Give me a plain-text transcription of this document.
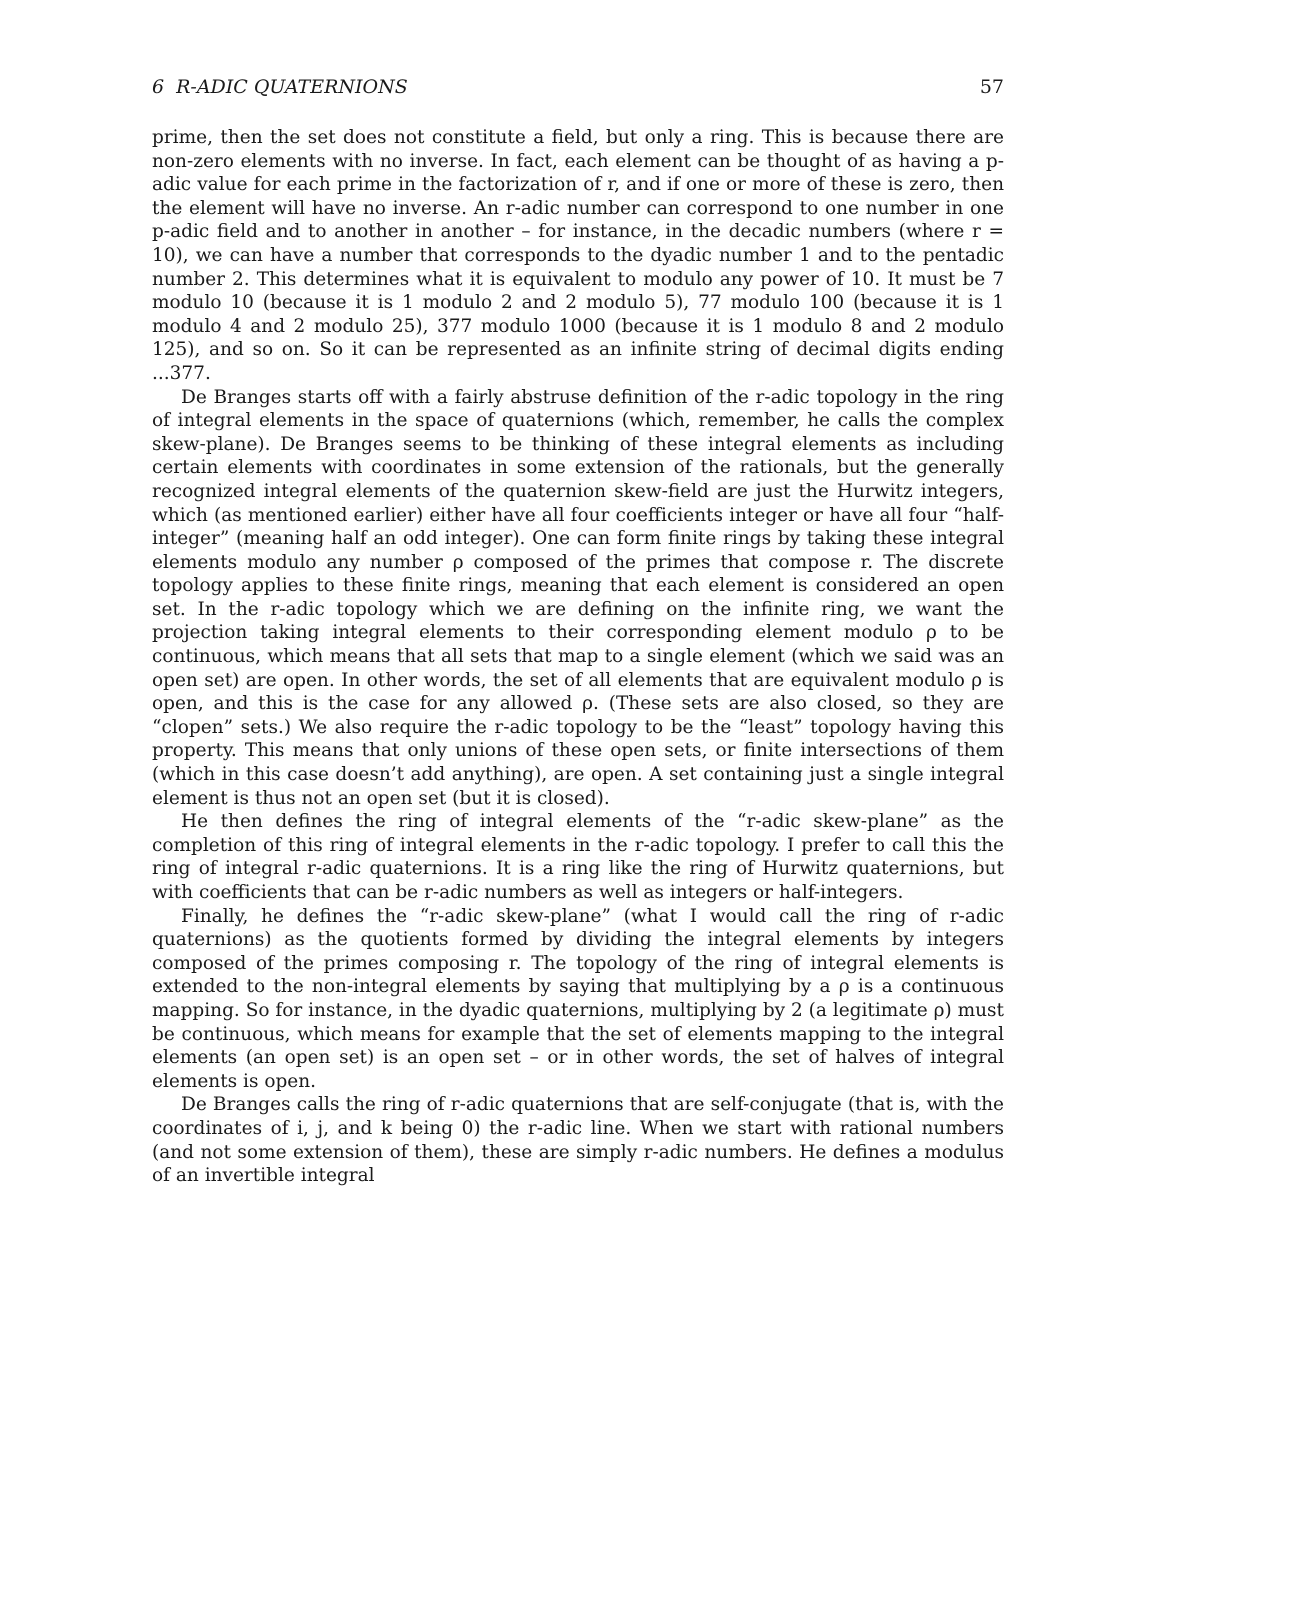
6 R-ADIC QUATERNIONS	57

prime, then the set does not constitute a field, but only a ring. This is because there are non-zero elements with no inverse. In fact, each element can be thought of as having a p-adic value for each prime in the factorization of r, and if one or more of these is zero, then the element will have no inverse. An r-adic number can correspond to one number in one p-adic field and to another in another – for instance, in the decadic numbers (where r = 10), we can have a number that corresponds to the dyadic number 1 and to the pentadic number 2. This determines what it is equivalent to modulo any power of 10. It must be 7 modulo 10 (because it is 1 modulo 2 and 2 modulo 5), 77 modulo 100 (because it is 1 modulo 4 and 2 modulo 25), 377 modulo 1000 (because it is 1 modulo 8 and 2 modulo 125), and so on. So it can be represented as an infinite string of decimal digits ending ...377.

De Branges starts off with a fairly abstruse definition of the r-adic topology in the ring of integral elements in the space of quaternions (which, remember, he calls the complex skew-plane). De Branges seems to be thinking of these integral elements as including certain elements with coordinates in some extension of the rationals, but the generally recognized integral elements of the quaternion skew-field are just the Hurwitz integers, which (as mentioned earlier) either have all four coefficients integer or have all four “half-integer” (meaning half an odd integer). One can form finite rings by taking these integral elements modulo any number ρ composed of the primes that compose r. The discrete topology applies to these finite rings, meaning that each element is considered an open set. In the r-adic topology which we are defining on the infinite ring, we want the projection taking integral elements to their corresponding element modulo ρ to be continuous, which means that all sets that map to a single element (which we said was an open set) are open. In other words, the set of all elements that are equivalent modulo ρ is open, and this is the case for any allowed ρ. (These sets are also closed, so they are “clopen” sets.) We also require the r-adic topology to be the “least” topology having this property. This means that only unions of these open sets, or finite intersections of them (which in this case doesn’t add anything), are open. A set containing just a single integral element is thus not an open set (but it is closed).

He then defines the ring of integral elements of the “r-adic skew-plane” as the completion of this ring of integral elements in the r-adic topology. I prefer to call this the ring of integral r-adic quaternions. It is a ring like the ring of Hurwitz quaternions, but with coefficients that can be r-adic numbers as well as integers or half-integers.

Finally, he defines the “r-adic skew-plane” (what I would call the ring of r-adic quaternions) as the quotients formed by dividing the integral elements by integers composed of the primes composing r. The topology of the ring of integral elements is extended to the non-integral elements by saying that multiplying by a ρ is a continuous mapping. So for instance, in the dyadic quaternions, multiplying by 2 (a legitimate ρ) must be continuous, which means for example that the set of elements mapping to the integral elements (an open set) is an open set – or in other words, the set of halves of integral elements is open.

De Branges calls the ring of r-adic quaternions that are self-conjugate (that is, with the coordinates of i, j, and k being 0) the r-adic line. When we start with rational numbers (and not some extension of them), these are simply r-adic numbers. He defines a modulus of an invertible integral
